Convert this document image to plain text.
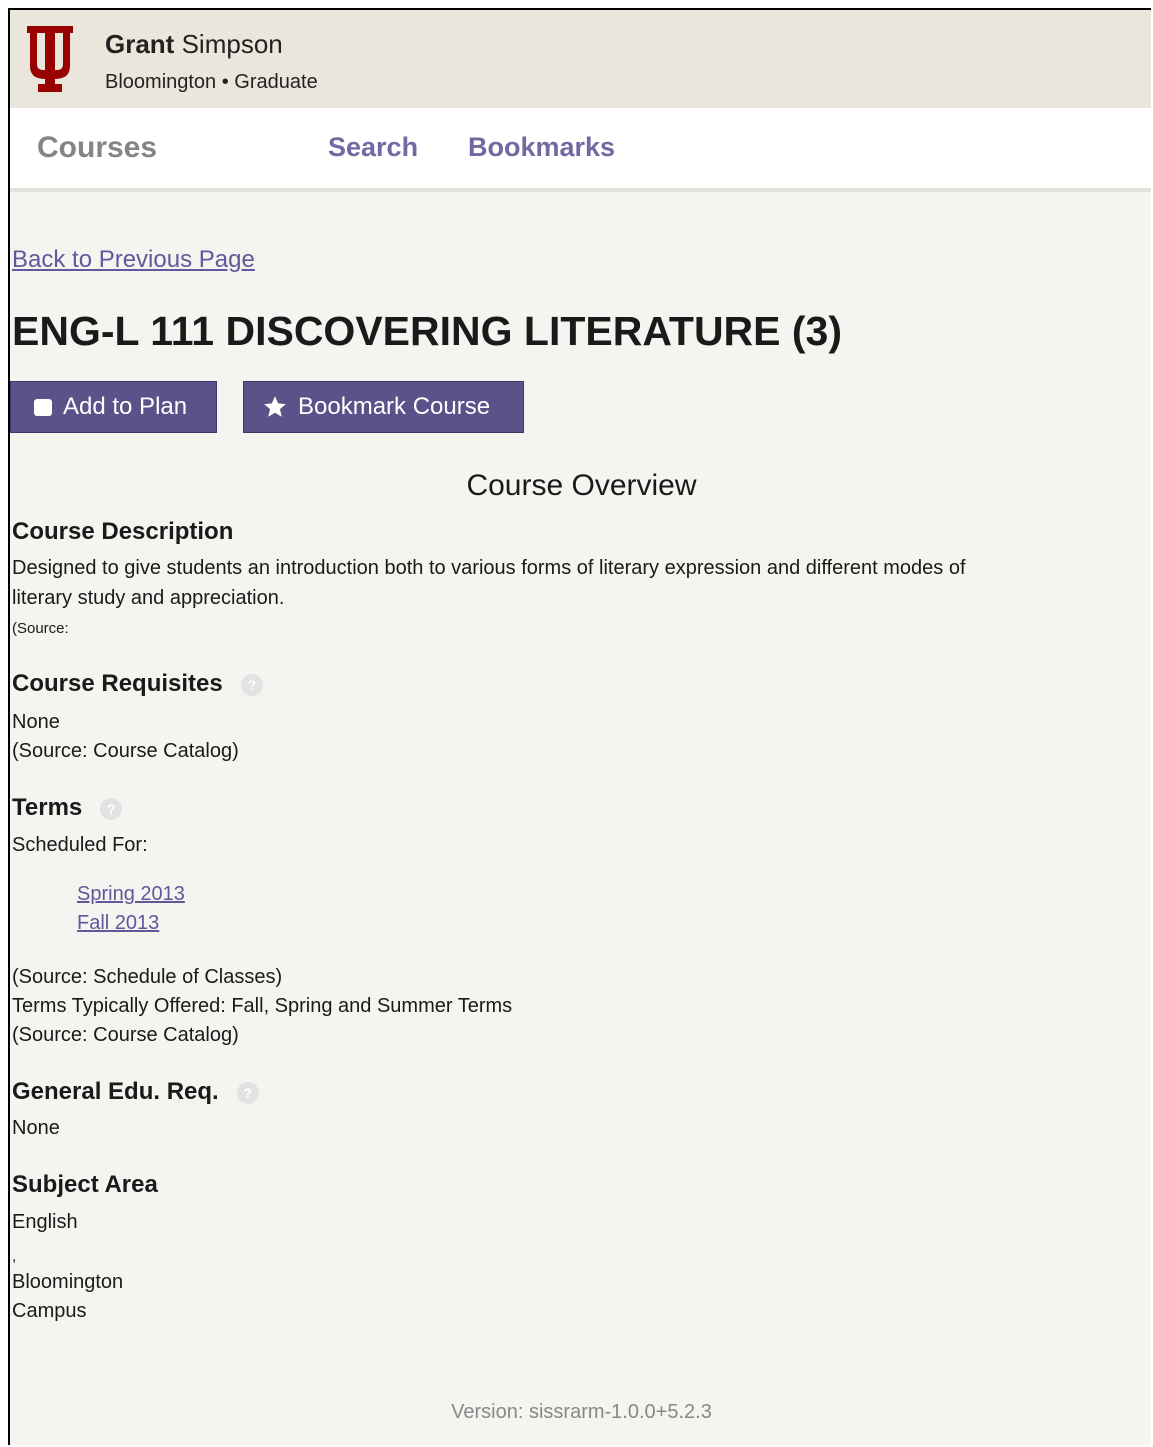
Grant Simpson
Bloomington • Graduate
Courses	Search Bookmarks
Back to Previous Page
ENG-L 111 DISCOVERING LITERATURE (3)
Add to Plan	Bookmark Course
Course Overview
Course Description
Designed to give students an introduction both to various forms of literary expression and different modes of
literary study and appreciation.
(Source:
Course Requisites ?
None
(Source: Course Catalog)
Terms ?
Scheduled For:
Spring 2013
Fall 2013
(Source: Schedule of Classes)
Terms Typically Offered: Fall, Spring and Summer Terms
(Source: Course Catalog)
General Edu. Req. ?
None
Subject Area
English
,
Bloomington
Campus
Version: sissrarm-1.0.0+5.2.3
